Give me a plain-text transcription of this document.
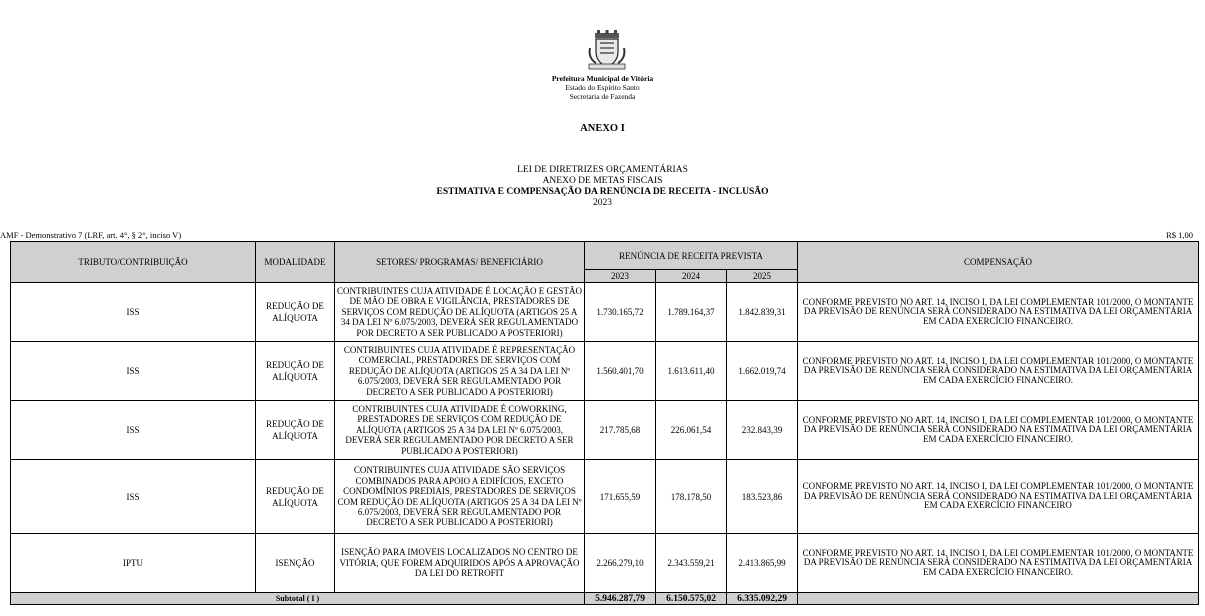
Prefeitura Municipal de Vitória
Estado do Espírito Santo
Secretaria de Fazenda
ANEXO I
LEI DE DIRETRIZES ORÇAMENTÁRIAS
ANEXO DE METAS FISCAIS
ESTIMATIVA E COMPENSAÇÃO DA RENÚNCIA DE RECEITA - INCLUSÃO
2023
AMF - Demonstrativo 7 (LRF, art. 4°, § 2°, inciso V)	R$ 1,00
TRIBUTO/CONTRIBUIÇÃO	MODALIDADE	SETORES/ PROGRAMAS/ BENEFICIÁRIO	RENÚNCIA DE RECEITA PREVISTA			COMPENSAÇÃO
			2023	2024	2025	
ISS	REDUÇÃO DE ALÍQUOTA	CONTRIBUINTES CUJA ATIVIDADE É LOCAÇÃO E GESTÃO DE MÃO DE OBRA E VIGILÂNCIA, PRESTADORES DE SERVIÇOS COM REDUÇÃO DE ALÍQUOTA (ARTIGOS 25 A 34 DA LEI Nº 6.075/2003, DEVERÁ SER REGULAMENTADO POR DECRETO A SER PUBLICADO A POSTERIORI)	1.730.165,72	1.789.164,37	1.842.839,31	CONFORME PREVISTO NO ART. 14, INCISO I, DA LEI COMPLEMENTAR 101/2000, O MONTANTE DA PREVISÃO DE RENÚNCIA SERÁ CONSIDERADO NA ESTIMATIVA DA LEI ORÇAMENTÁRIA EM CADA EXERCÍCIO FINANCEIRO.
ISS	REDUÇÃO DE ALÍQUOTA	CONTRIBUINTES CUJA ATIVIDADE É REPRESENTAÇÃO COMERCIAL, PRESTADORES DE SERVIÇOS COM REDUÇÃO DE ALÍQUOTA (ARTIGOS 25 A 34 DA LEI Nº 6.075/2003, DEVERÁ SER REGULAMENTADO POR DECRETO A SER PUBLICADO A POSTERIORI)	1.560.401,70	1.613.611,40	1.662.019,74	CONFORME PREVISTO NO ART. 14, INCISO I, DA LEI COMPLEMENTAR 101/2000, O MONTANTE DA PREVISÃO DE RENÚNCIA SERÁ CONSIDERADO NA ESTIMATIVA DA LEI ORÇAMENTÁRIA EM CADA EXERCÍCIO FINANCEIRO.
ISS	REDUÇÃO DE ALÍQUOTA	CONTRIBUINTES CUJA ATIVIDADE É COWORKING, PRESTADORES DE SERVIÇOS COM REDUÇÃO DE ALÍQUOTA (ARTIGOS 25 A 34 DA LEI Nº 6.075/2003, DEVERÁ SER REGULAMENTADO POR DECRETO A SER PUBLICADO A POSTERIORI)	217.785,68	226.061,54	232.843,39	CONFORME PREVISTO NO ART. 14, INCISO I, DA LEI COMPLEMENTAR 101/2000, O MONTANTE DA PREVISÃO DE RENÚNCIA SERÁ CONSIDERADO NA ESTIMATIVA DA LEI ORÇAMENTÁRIA EM CADA EXERCÍCIO FINANCEIRO.
ISS	REDUÇÃO DE ALÍQUOTA	CONTRIBUINTES CUJA ATIVIDADE SÃO SERVIÇOS COMBINADOS PARA APOIO A EDIFÍCIOS, EXCETO CONDOMÍNIOS PREDIAIS, PRESTADORES DE SERVIÇOS COM REDUÇÃO DE ALÍQUOTA (ARTIGOS 25 A 34 DA LEI Nº 6.075/2003, DEVERÁ SER REGULAMENTADO POR DECRETO A SER PUBLICADO A POSTERIORI)	171.655,59	178.178,50	183.523,86	CONFORME PREVISTO NO ART. 14, INCISO I, DA LEI COMPLEMENTAR 101/2000, O MONTANTE DA PREVISÃO DE RENÚNCIA SERÁ CONSIDERADO NA ESTIMATIVA DA LEI ORÇAMENTÁRIA EM CADA EXERCÍCIO FINANCEIRO
IPTU	ISENÇÃO	ISENÇÃO PARA IMOVEIS LOCALIZADOS NO CENTRO DE VITÓRIA, QUE FOREM ADQUIRIDOS APÓS A APROVAÇÃO DA LEI DO RETROFIT	2.266.279,10	2.343.559,21	2.413.865,99	CONFORME PREVISTO NO ART. 14, INCISO I, DA LEI COMPLEMENTAR 101/2000, O MONTANTE DA PREVISÃO DE RENÚNCIA SERÁ CONSIDERADO NA ESTIMATIVA DA LEI ORÇAMENTÁRIA EM CADA EXERCÍCIO FINANCEIRO.
Subtotal ( I )			5.946.287,79	6.150.575,02	6.335.092,29	
